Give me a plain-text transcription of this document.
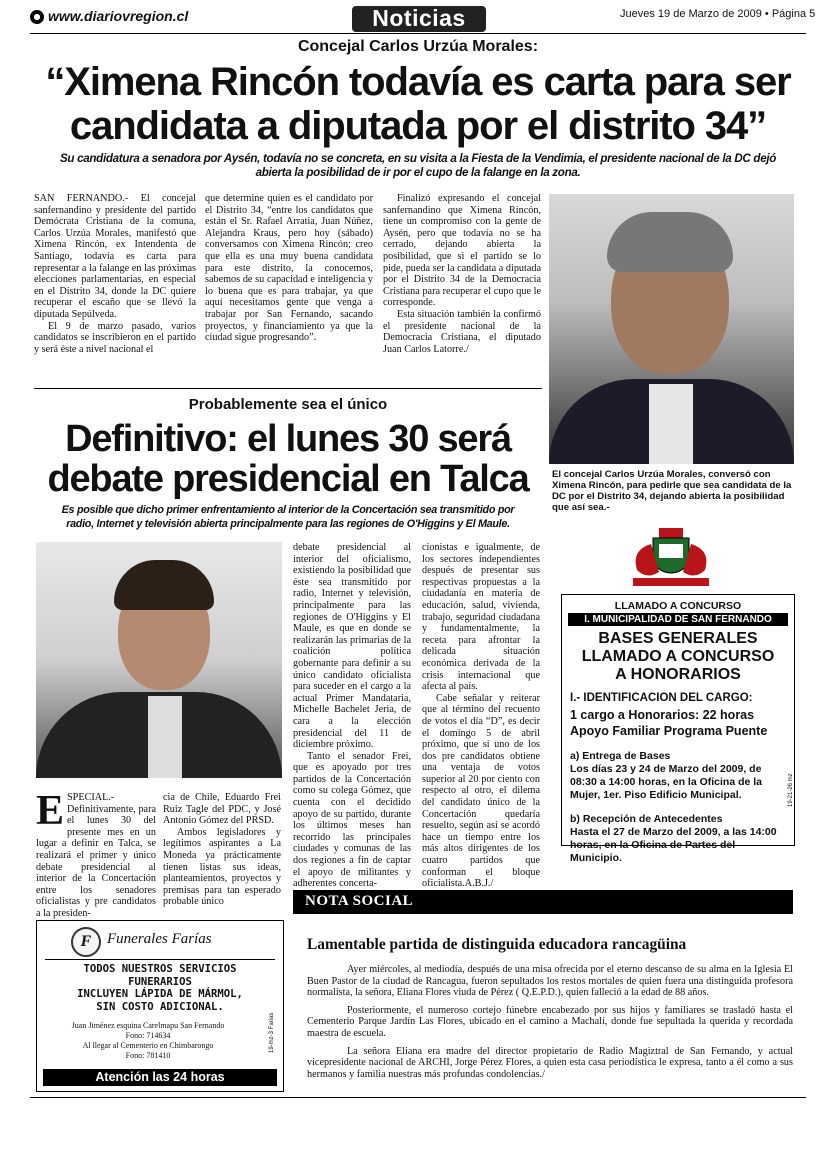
www.diariovregion.cl	Noticias	Jueves 19 de Marzo de 2009 • Página 5
Concejal Carlos Urzúa Morales:
“Ximena Rincón todavía es carta para ser
candidata a diputada por el distrito 34”
Su candidatura a senadora por Aysén, todavía no se concreta, en su visita a la Fiesta de la Vendimia, el presidente nacional de la DC dejó
abierta la posibilidad de ir por el cupo de la falange en la zona.

SAN FERNANDO.- El concejal sanfernandino y presidente del partido Demócrata Cristiana de la comuna, Carlos Urzúa Morales, manifestó que Ximena Rincón, ex Intendenta de Santiago, todavía es carta para representar a la falange en las próximas elecciones parlamentarias, en especial en el Distrito 34, donde la DC quiere recuperar el escaño que se llevó la diputada Sepúlveda.

El 9 de marzo pasado, varios candidatos se inscribieron en el partido y será éste a nivel nacional el

que determine quien es el candidato por el Distrito 34, “entre los candidatos que están el Sr. Rafael Arratia, Juan Núñez, Alejandra Kraus, pero hoy (sábado) conversamos con Ximena Rincón; creo que ella es una muy buena candidata para este distrito, la conocemos, sabemos de su capacidad e inteligencia y lo buena que es para trabajar, ya que aquí necesitamos gente que venga a trabajar por San Fernando, sacando proyectos, y financiamiento ya que la ciudad sigue progresando”.

Finalizó expresando el concejal sanfernandino que Ximena Rincón, tiene un compromiso con la gente de Aysén, pero que todavía no se ha cerrado, dejando abierta la posibilidad, que si el partido se lo pide, pueda ser la candidata a diputada por el Distrito 34 de la Democracia Cristiana para recuperar el cupo que le corresponde.

Esta situación también la confirmó el presidente nacional de la Democracia Cristiana, el diputado Juan Carlos Latorre./

El concejal Carlos Urzúa Morales, conversó con Ximena Rincón, para pedirle que sea candidata de la DC por el Distrito 34, dejando abierta la posibilidad que así sea.-
Probablemente sea el único
Definitivo: el lunes 30 será
debate presidencial en Talca
Es posible que dicho primer enfrentamiento al interior de la Concertación sea transmitido por
radio, Internet y televisión abierta principalmente para las regiones de O'Higgins y El Maule.
ESPECIAL.- Definitivamente, para el lunes 30 del presente mes en un lugar a definir en Talca, se realizará el primer y único debate presidencial al interior de la Concertación entre los senadores oficialistas y pre candidatos a la presiden-

cia de Chile, Eduardo Frei Ruiz Tagle del PDC, y José Antonio Gómez del PRSD.

Ambos legisladores y legítimos aspirantes a La Moneda ya prácticamente tienen listas sus ideas, planteamientos, proyectos y premisas para tan esperado probable único

debate presidencial al interior del oficialismo, existiendo la posibilidad que éste sea transmitido por radio, Internet y televisión, principalmente para las regiones de O'Higgins y El Maule, es que en donde se realizarán las primarias de la coalición política gobernante para definir a su único candidato oficialista para suceder en el cargo a la actual Primer Mandataria, Michelle Bachelet Jeria, de cara a la elección presidencial del 11 de diciembre próximo.

Tanto el senador Frei, que es apoyado por tres partidos de la Concertación como su colega Gómez, que cuenta con el decidido apoyo de su partido, durante los últimos meses han recorrido las principales ciudades y comunas de las dos regiones a fin de captar el apoyo de militantes y adherentes concerta-

cionistas e igualmente, de los sectores independientes después de presentar sus respectivas propuestas a la ciudadanía en materia de educación, salud, vivienda, trabajo, seguridad ciudadana y fundamentalmente, la receta para afrontar la delicada situación económica derivada de la crisis internacional que afecta al país.

Cabe señalar y reiterar que al término del recuento de votos el día “D”, es decir el domingo 5 de abril próximo, que si uno de los dos pre candidatos obtiene una ventaja de votos superior al 20 por ciento con respecto al otro, el dilema del candidato único de la Concertación quedaría resuelto, según así se acordó hace un tiempo entre los más altos dirigentes de los cuatro partidos que conforman el bloque oficialista.A.B.J./

LLAMADO A CONCURSO
I. MUNICIPALIDAD DE SAN FERNANDO
BASES GENERALES
LLAMADO A CONCURSO
A HONORARIOS
I.- IDENTIFICACION DEL CARGO:
1 cargo a Honorarios: 22 horas
Apoyo Familiar Programa Puente
a) Entrega de Bases
Los días 23 y 24 de Marzo del 2009, de 08:30 a 14:00 horas, en la Oficina de la Mujer, 1er. Piso Edificio Municipal.
b) Recepción de Antecedentes
Hasta el 27 de Marzo del 2009, a las 14:00 horas, en la Oficina de Partes del Municipio.
19-21-26 mz
NOTA SOCIAL
F	Funerales Farías
TODOS NUESTROS SERVICIOS
FUNERARIOS
INCLUYEN LÁPIDA DE MÁRMOL,
SIN COSTO ADICIONAL.
Juan Jiménez esquina Carelmapu San Fernando
Fono: 714634
Al llegar al Cementerio en Chimbarongo
Fono: 781410
19-mz-3 Farias
Atención las 24 horas
Lamentable partida de distinguida educadora rancagüina

Ayer miércoles, al mediodía, después de una misa ofrecida por el eterno descanso de su alma en la Iglesia El Buen Pastor de la ciudad de Rancagua, fueron sepultados los restos mortales de quien fuera una distinguida profesora normalista, la señora, Eliana Flores viuda de Pérez ( Q.E.P.D.), quien falleció a la edad de 88 años.

Posteriormente, el numeroso cortejo fúnebre encabezado por sus hijos y familiares se trasladó hasta el Cementerio Parque Jardín Las Flores, ubicado en el camino a Machalí, donde fue sepultada la querida y recordada maestra de escuela.

La señora Eliana era madre del director propietario de Radio Magiztral de San Fernando, y actual vicepresidente nacional de ARCHI, Jorge Pérez Flores, a quien esta casa periodística le expresa, tanto a él como a sus hermanos y familia nuestras más profundas condolencias./
